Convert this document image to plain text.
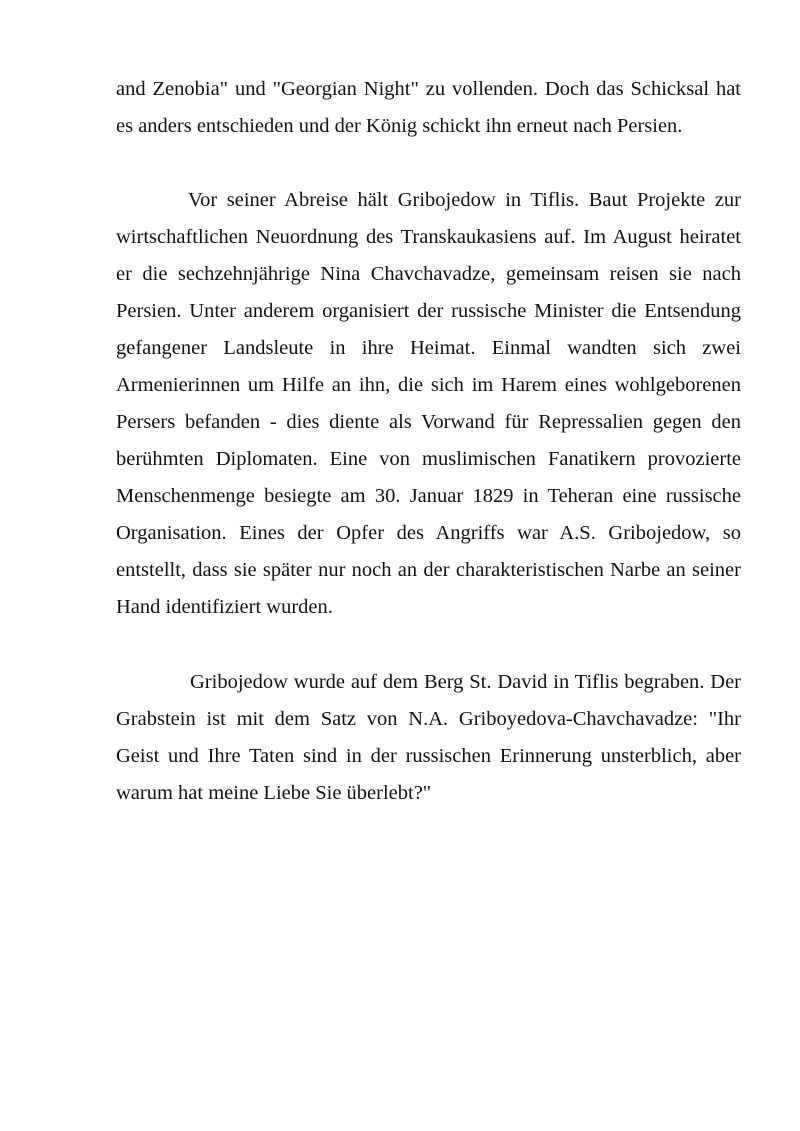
and Zenobia" und "Georgian Night" zu vollenden. Doch das Schicksal hat es anders entschieden und der König schickt ihn erneut nach Persien.

Vor seiner Abreise hält Gribojedow in Tiflis. Baut Projekte zur wirtschaftlichen Neuordnung des Transkaukasiens auf. Im August heiratet er die sechzehnjährige Nina Chavchavadze, gemeinsam reisen sie nach Persien. Unter anderem organisiert der russische Minister die Entsendung gefangener Landsleute in ihre Heimat. Einmal wandten sich zwei Armenierinnen um Hilfe an ihn, die sich im Harem eines wohlgeborenen Persers befanden - dies diente als Vorwand für Repressalien gegen den berühmten Diplomaten. Eine von muslimischen Fanatikern provozierte Menschenmenge besiegte am 30. Januar 1829 in Teheran eine russische Organisation. Eines der Opfer des Angriffs war A.S. Gribojedow, so entstellt, dass sie später nur noch an der charakteristischen Narbe an seiner Hand identifiziert wurden.

Gribojedow wurde auf dem Berg St. David in Tiflis begraben. Der Grabstein ist mit dem Satz von N.A. Griboyedova-Chavchavadze: "Ihr Geist und Ihre Taten sind in der russischen Erinnerung unsterblich, aber warum hat meine Liebe Sie überlebt?"
